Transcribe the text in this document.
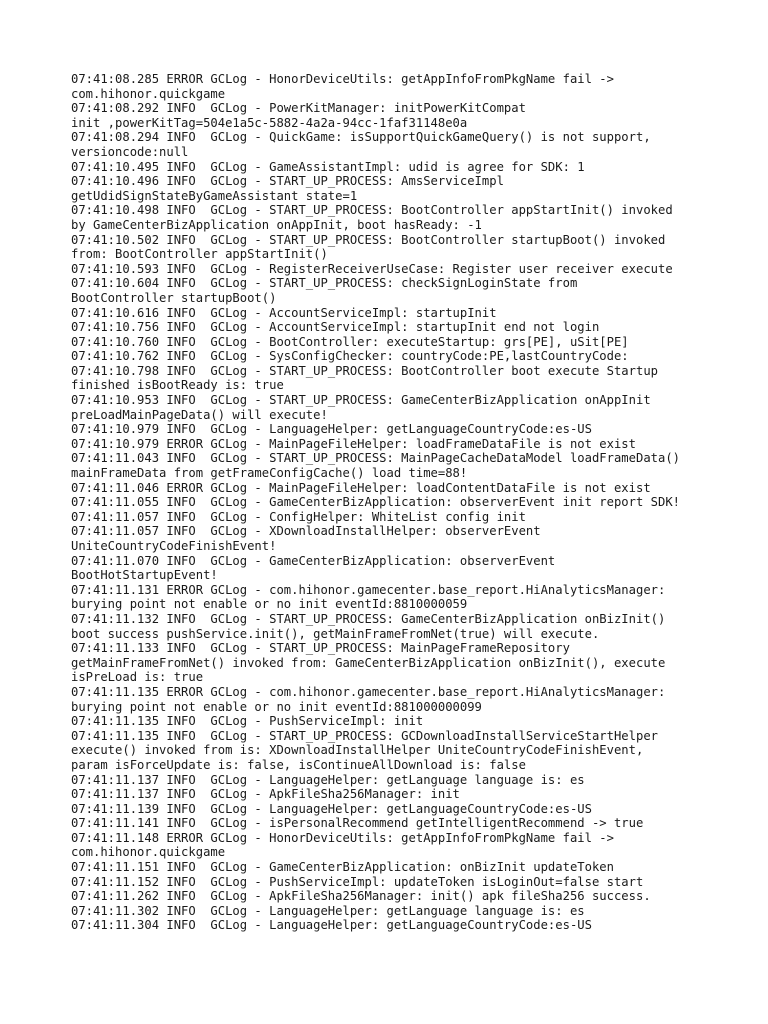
07:41:08.285 ERROR GCLog - HonorDeviceUtils: getAppInfoFromPkgName fail ->
com.hihonor.quickgame
07:41:08.292 INFO  GCLog - PowerKitManager: initPowerKitCompat
init ,powerKitTag=504e1a5c-5882-4a2a-94cc-1faf31148e0a
07:41:08.294 INFO  GCLog - QuickGame: isSupportQuickGameQuery() is not support,
versioncode:null
07:41:10.495 INFO  GCLog - GameAssistantImpl: udid is agree for SDK: 1
07:41:10.496 INFO  GCLog - START_UP_PROCESS: AmsServiceImpl
getUdidSignStateByGameAssistant state=1
07:41:10.498 INFO  GCLog - START_UP_PROCESS: BootController appStartInit() invoked
by GameCenterBizApplication onAppInit, boot hasReady: -1
07:41:10.502 INFO  GCLog - START_UP_PROCESS: BootController startupBoot() invoked
from: BootController appStartInit()
07:41:10.593 INFO  GCLog - RegisterReceiverUseCase: Register user receiver execute
07:41:10.604 INFO  GCLog - START_UP_PROCESS: checkSignLoginState from
BootController startupBoot()
07:41:10.616 INFO  GCLog - AccountServiceImpl: startupInit
07:41:10.756 INFO  GCLog - AccountServiceImpl: startupInit end not login
07:41:10.760 INFO  GCLog - BootController: executeStartup: grs[PE], uSit[PE]
07:41:10.762 INFO  GCLog - SysConfigChecker: countryCode:PE,lastCountryCode:
07:41:10.798 INFO  GCLog - START_UP_PROCESS: BootController boot execute Startup
finished isBootReady is: true
07:41:10.953 INFO  GCLog - START_UP_PROCESS: GameCenterBizApplication onAppInit
preLoadMainPageData() will execute!
07:41:10.979 INFO  GCLog - LanguageHelper: getLanguageCountryCode:es-US
07:41:10.979 ERROR GCLog - MainPageFileHelper: loadFrameDataFile is not exist
07:41:11.043 INFO  GCLog - START_UP_PROCESS: MainPageCacheDataModel loadFrameData()
mainFrameData from getFrameConfigCache() load time=88!
07:41:11.046 ERROR GCLog - MainPageFileHelper: loadContentDataFile is not exist
07:41:11.055 INFO  GCLog - GameCenterBizApplication: observerEvent init report SDK!
07:41:11.057 INFO  GCLog - ConfigHelper: WhiteList config init
07:41:11.057 INFO  GCLog - XDownloadInstallHelper: observerEvent
UniteCountryCodeFinishEvent!
07:41:11.070 INFO  GCLog - GameCenterBizApplication: observerEvent
BootHotStartupEvent!
07:41:11.131 ERROR GCLog - com.hihonor.gamecenter.base_report.HiAnalyticsManager:
burying point not enable or no init eventId:8810000059
07:41:11.132 INFO  GCLog - START_UP_PROCESS: GameCenterBizApplication onBizInit()
boot success pushService.init(), getMainFrameFromNet(true) will execute.
07:41:11.133 INFO  GCLog - START_UP_PROCESS: MainPageFrameRepository
getMainFrameFromNet() invoked from: GameCenterBizApplication onBizInit(), execute
isPreLoad is: true
07:41:11.135 ERROR GCLog - com.hihonor.gamecenter.base_report.HiAnalyticsManager:
burying point not enable or no init eventId:881000000099
07:41:11.135 INFO  GCLog - PushServiceImpl: init
07:41:11.135 INFO  GCLog - START_UP_PROCESS: GCDownloadInstallServiceStartHelper
execute() invoked from is: XDownloadInstallHelper UniteCountryCodeFinishEvent,
param isForceUpdate is: false, isContinueAllDownload is: false
07:41:11.137 INFO  GCLog - LanguageHelper: getLanguage language is: es
07:41:11.137 INFO  GCLog - ApkFileSha256Manager: init
07:41:11.139 INFO  GCLog - LanguageHelper: getLanguageCountryCode:es-US
07:41:11.141 INFO  GCLog - isPersonalRecommend getIntelligentRecommend -> true
07:41:11.148 ERROR GCLog - HonorDeviceUtils: getAppInfoFromPkgName fail ->
com.hihonor.quickgame
07:41:11.151 INFO  GCLog - GameCenterBizApplication: onBizInit updateToken
07:41:11.152 INFO  GCLog - PushServiceImpl: updateToken isLoginOut=false start
07:41:11.262 INFO  GCLog - ApkFileSha256Manager: init() apk fileSha256 success.
07:41:11.302 INFO  GCLog - LanguageHelper: getLanguage language is: es
07:41:11.304 INFO  GCLog - LanguageHelper: getLanguageCountryCode:es-US
